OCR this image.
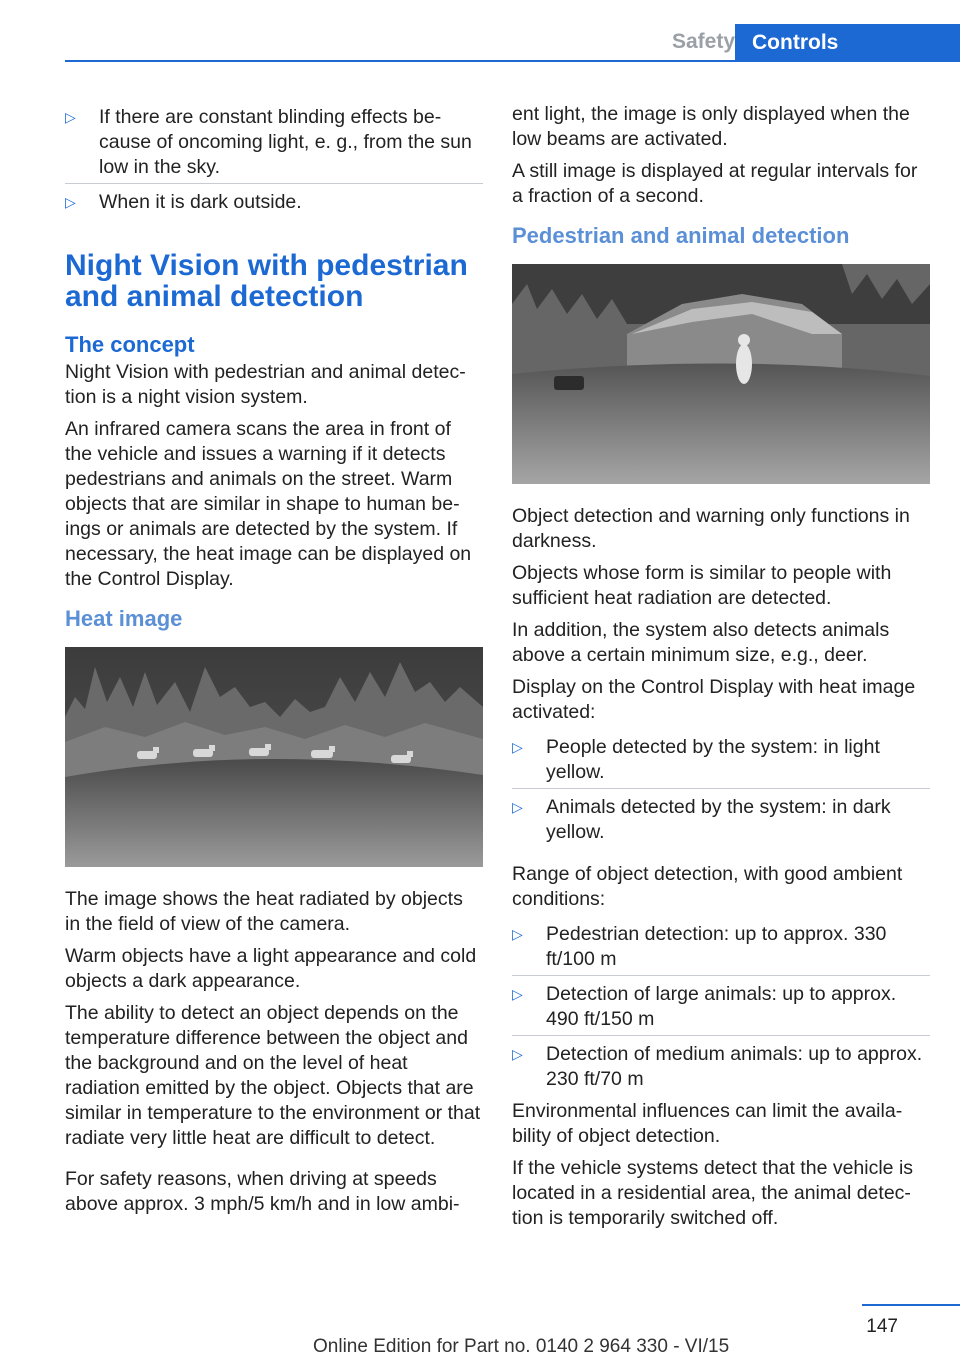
Safety Controls
▷ If there are constant blinding effects because of oncoming light, e. g., from the sun low in the sky.
▷ When it is dark outside.
Night Vision with pedestrian and animal detection
The concept

Night Vision with pedestrian and animal detection is a night vision system.

An infrared camera scans the area in front of the vehicle and issues a warning if it detects pedestrians and animals on the street. Warm objects that are similar in shape to human beings or animals are detected by the system. If necessary, the heat image can be displayed on the Control Display.

Heat image

The image shows the heat radiated by objects in the field of view of the camera.

Warm objects have a light appearance and cold objects a dark appearance.

The ability to detect an object depends on the temperature difference between the object and the background and on the level of heat radiation emitted by the object. Objects that are similar in temperature to the environment or that radiate very little heat are difficult to detect.

For safety reasons, when driving at speeds above approx. 3 mph/5 km/h and in low ambi-

ent light, the image is only displayed when the low beams are activated.

A still image is displayed at regular intervals for a fraction of a second.

Pedestrian and animal detection

Object detection and warning only functions in darkness.

Objects whose form is similar to people with sufficient heat radiation are detected.

In addition, the system also detects animals above a certain minimum size, e.g., deer.

Display on the Control Display with heat image activated:

▷ People detected by the system: in light yellow.
▷ Animals detected by the system: in dark yellow.

Range of object detection, with good ambient conditions:

▷ Pedestrian detection: up to approx. 330 ft/100 m
▷ Detection of large animals: up to approx. 490 ft/150 m
▷ Detection of medium animals: up to approx. 230 ft/70 m

Environmental influences can limit the availability of object detection.

If the vehicle systems detect that the vehicle is located in a residential area, the animal detection is temporarily switched off.

147
Online Edition for Part no. 0140 2 964 330 - VI/15
